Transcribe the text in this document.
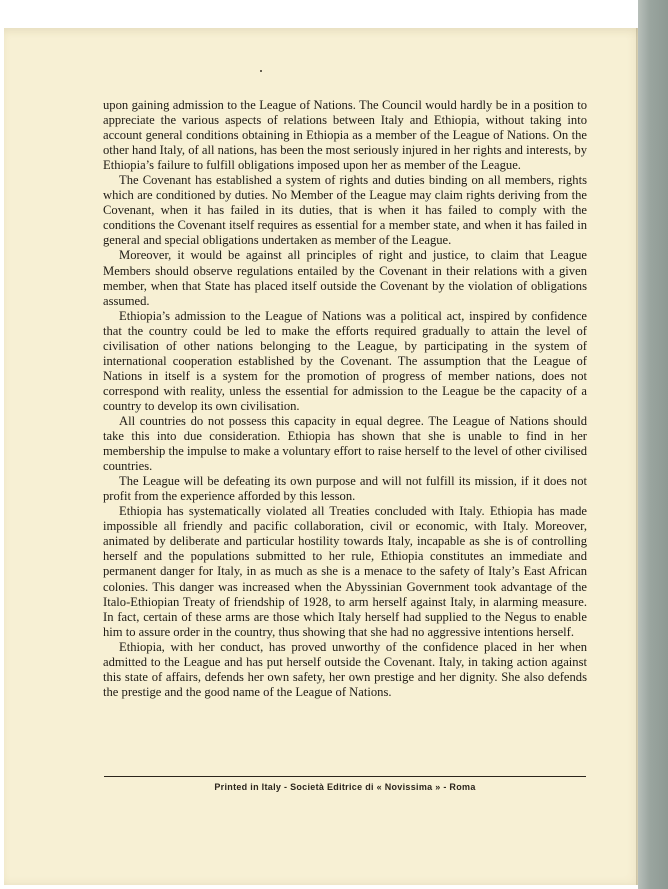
upon gaining admission to the League of Nations. The Council would hardly be in a position to appreciate the various aspects of relations between Italy and Ethiopia, without taking into account general conditions obtaining in Ethiopia as a member of the League of Nations. On the other hand Italy, of all nations, has been the most seriously injured in her rights and interests, by Ethiopia’s failure to fulfill obligations imposed upon her as member of the League.

The Covenant has established a system of rights and duties binding on all members, rights which are conditioned by duties. No Member of the League may claim rights deriving from the Covenant, when it has failed in its duties, that is when it has failed to comply with the conditions the Covenant itself requires as essential for a member state, and when it has failed in general and special obligations undertaken as member of the League.

Moreover, it would be against all principles of right and justice, to claim that League Members should observe regulations entailed by the Covenant in their relations with a given member, when that State has placed itself outside the Covenant by the violation of obligations assumed.

Ethiopia’s admission to the League of Nations was a political act, inspired by confidence that the country could be led to make the efforts required gradually to attain the level of civilisation of other nations belonging to the League, by participating in the system of international cooperation established by the Covenant. The assumption that the League of Nations in itself is a system for the promotion of progress of member nations, does not correspond with reality, unless the essential for admission to the League be the capacity of a country to develop its own civilisation.

All countries do not possess this capacity in equal degree. The League of Nations should take this into due consideration. Ethiopia has shown that she is unable to find in her membership the impulse to make a voluntary effort to raise herself to the level of other civilised countries.

The League will be defeating its own purpose and will not fulfill its mission, if it does not profit from the experience afforded by this lesson.

Ethiopia has systematically violated all Treaties concluded with Italy. Ethiopia has made impossible all friendly and pacific collaboration, civil or economic, with Italy. Moreover, animated by deliberate and particular hostility towards Italy, incapable as she is of controlling herself and the populations submitted to her rule, Ethiopia constitutes an immediate and permanent danger for Italy, in as much as she is a menace to the safety of Italy’s East African colonies. This danger was increased when the Abyssinian Government took advantage of the Italo-Ethiopian Treaty of friendship of 1928, to arm herself against Italy, in alarming measure. In fact, certain of these arms are those which Italy herself had supplied to the Negus to enable him to assure order in the country, thus showing that she had no aggressive intentions herself.

Ethiopia, with her conduct, has proved unworthy of the confidence placed in her when admitted to the League and has put herself outside the Covenant. Italy, in taking action against this state of affairs, defends her own safety, her own prestige and her dignity. She also defends the prestige and the good name of the League of Nations.

Printed in Italy - Società Editrice di « Novissima » - Roma
